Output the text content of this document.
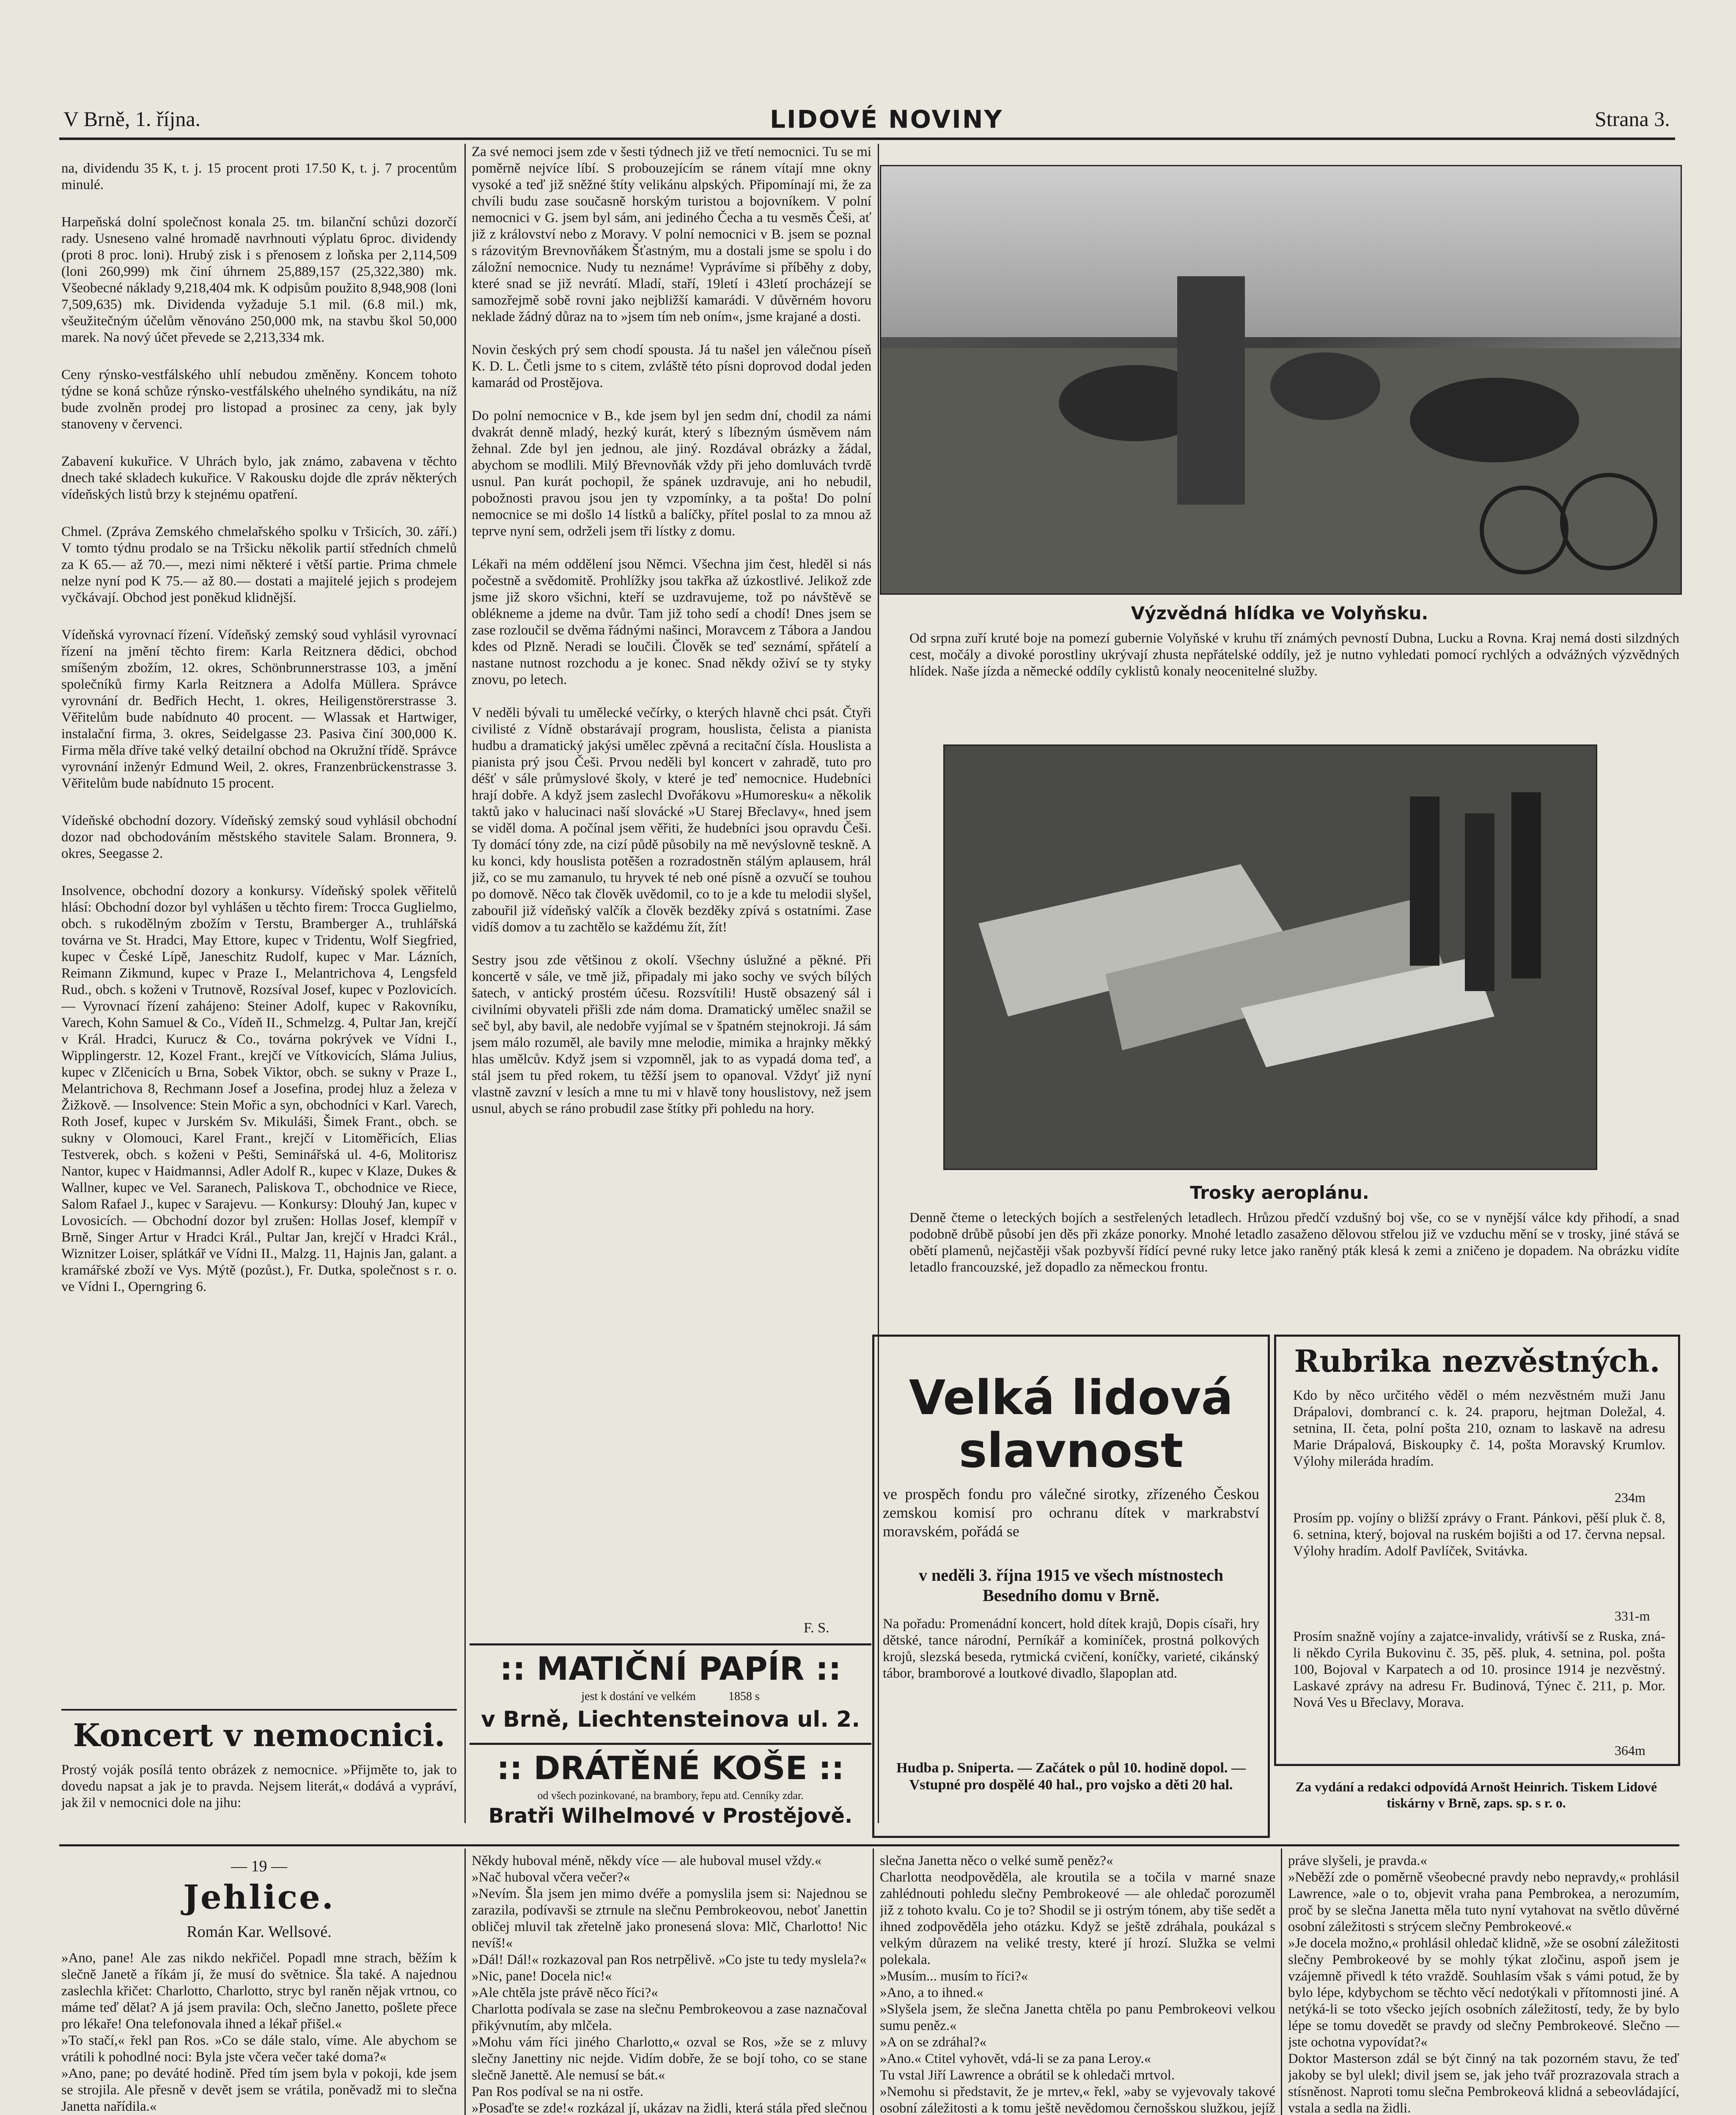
V Brně, 1. října.	LIDOVÉ NOVINY	Strana 3.

na, dividendu 35 K, t. j. 15 procent proti 17.50 K, t. j. 7 procentům minulé.

Harpeňská dolní společnost konala 25. tm. bilanční schůzi dozorčí rady. Usneseno valné hromadě navrhnouti výplatu 6proc. dividendy (proti 8 proc. loni). Hrubý zisk i s přenosem z loňska per 2,114,509 (loni 260,999) mk činí úhrnem 25,889,157 (25,322,380) mk. Všeobecné náklady 9,218,404 mk. K odpisům použito 8,948,908 (loni 7,509,635) mk. Dividenda vyžaduje 5.1 mil. (6.8 mil.) mk, všeužitečným účelům věnováno 250,000 mk, na stavbu škol 50,000 marek. Na nový účet převede se 2,213,334 mk.

Ceny rýnsko-vestfálského uhlí nebudou změněny. Koncem tohoto týdne se koná schůze rýnsko-vestfálského uhelného syndikátu, na níž bude zvolněn prodej pro listopad a prosinec za ceny, jak byly stanoveny v červenci.

Zabavení kukuřice. V Uhrách bylo, jak známo, zabavena v těchto dnech také skladech kukuřice. V Rakousku dojde dle zpráv některých vídeňských listů brzy k stejnému opatření.

Chmel. (Zpráva Zemského chmelařského spolku v Tršicích, 30. září.) V tomto týdnu prodalo se na Tršicku několik partií středních chmelů za K 65.— až 70.—, mezi nimi některé i větší partie. Prima chmele nelze nyní pod K 75.— až 80.— dostati a majitelé jejich s prodejem vyčkávají. Obchod jest poněkud klidnější.

Vídeňská vyrovnací řízení. Vídeňský zemský soud vyhlásil vyrovnací řízení na jmění těchto firem: Karla Reitznera dědici, obchod smíšeným zbožím, 12. okres, Schönbrunnerstrasse 103, a jmění společníků firmy Karla Reitznera a Adolfa Müllera. Správce vyrovnání dr. Bedřich Hecht, 1. okres, Heiligenstörerstrasse 3. Věřitelům bude nabídnuto 40 procent. — Wlassak et Hartwiger, instalační firma, 3. okres, Seidelgasse 23. Pasiva činí 300,000 K. Firma měla dříve také velký detailní obchod na Okružní třídě. Správce vyrovnání inženýr Edmund Weil, 2. okres, Franzenbrückenstrasse 3. Věřitelům bude nabídnuto 15 procent.

Vídeňské obchodní dozory. Vídeňský zemský soud vyhlásil obchodní dozor nad obchodováním městského stavitele Salam. Bronnera, 9. okres, Seegasse 2.

Insolvence, obchodní dozory a konkursy. Vídeňský spolek věřitelů hlásí: Obchodní dozor byl vyhlášen u těchto firem: Trocca Guglielmo, obch. s rukodělným zbožím v Terstu, Bramberger A., truhlářská továrna ve St. Hradci, May Ettore, kupec v Tridentu, Wolf Siegfried, kupec v České Lípě, Janeschitz Rudolf, kupec v Mar. Lázních, Reimann Zikmund, kupec v Praze I., Melantrichova 4, Lengsfeld Rud., obch. s koženi v Trutnově, Rozsíval Josef, kupec v Pozlovicích. — Vyrovnací řízení zahájeno: Steiner Adolf, kupec v Rakovníku, Varech, Kohn Samuel & Co., Vídeň II., Schmelzg. 4, Pultar Jan, krejčí v Král. Hradci, Kurucz & Co., továrna pokrývek ve Vídni I., Wipplingerstr. 12, Kozel Frant., krejčí ve Vítkovicích, Slámа Julius, kupec v Zlčenicích u Brna, Sobek Viktor, obch. se sukny v Praze I., Melantrichova 8, Rechmann Josef a Josefina, prodej hluz a železa v Žižkově. — Insolvence: Stein Mořic a syn, obchodníci v Karl. Varech, Roth Josef, kupec v Jurském Sv. Mikuláši, Šimek Frant., obch. se sukny v Olomouci, Karel Frant., krejčí v Litoměřicích, Elias Testverek, obch. s koženi v Pešti, Seminářská ul. 4-6, Molitorisz Nantor, kupec v Haidmannsi, Adler Adolf R., kupec v Klaze, Dukes & Wallner, kupec ve Vel. Saranech, Paliskova T., obchodnice ve Riece, Salom Rafael J., kupec v Sarajevu. — Konkursy: Dlouhý Jan, kupec v Lovosicích. — Obchodní dozor byl zrušen: Hollas Josef, klempíř v Brně, Singer Artur v Hradci Král., Pultar Jan, krejčí v Hradci Král., Wiznitzer Loiser, splátkář ve Vídni II., Malzg. 11, Hajnis Jan, galant. a kramářské zboží ve Vys. Mýtě (pozůst.), Fr. Dutka, společnost s r. o. ve Vídni I., Operngring 6.

Koncert v nemocnici.
Prostý voják posílá tento obrázek z nemocnice. »Přijměte to, jak to dovedu napsat a jak je to pravda. Nejsem literát,« dodává a vypráví, jak žil v nemocnici dole na jihu:
Za své nemoci jsem zde v šesti týdnech již ve třetí nemocnici. Tu se mi poměrně nejvíce líbí. S probouzejícím se ránem vítají mne okny vysoké a teď již sněžné štíty velikánu alpských. Připomínají mi, že za chvíli budu zase současně horským turistou a bojovníkem. V polní nemocnici v G. jsem byl sám, ani jediného Čecha a tu vesměs Češi, ať již z království nebo z Moravy. V polní nemocnici v B. jsem se poznal s rázovitým Brevnovňákem Šťastným, mu a dostali jsme se spolu i do záložní nemocnice. Nudy tu neznáme! Vyprávíme si příběhy z doby, které snad se již nevrátí. Mladí, staří, 19letí i 43letí procházejí se samozřejmě sobě rovni jako nejbližší kamarádi. V důvěrném hovoru neklade žádný důraz na to »jsem tím neb oním«, jsme krajané a dosti.

Novin českých prý sem chodí spousta. Já tu našel jen válečnou píseň K. D. L. Četli jsme to s citem, zvláště této písni doprovod dodal jeden kamarád od Prostějova.

Do polní nemocnice v B., kde jsem byl jen sedm dní, chodil za námi dvakrát denně mladý, hezký kurát, který s líbezným úsměvem nám žehnal. Zde byl jen jednou, ale jiný. Rozdával obrázky a žádal, abychom se modlili. Milý Břevnovňák vždy při jeho domluvách tvrdě usnul. Pan kurát pochopil, že spánek uzdravuje, ani ho nebudil, pobožnosti pravou jsou jen ty vzpomínky, a ta pošta! Do polní nemocnice se mi došlo 14 lístků a balíčky, přítel poslal to za mnou až teprve nyní sem, održeli jsem tři lístky z domu.

Lékaři na mém oddělení jsou Němci. Všechna jim čest, hleděl si nás počestně a svědomitě. Prohlížky jsou takřka až úzkostlivé. Jelikož zde jsme již skoro všichni, kteří se uzdravujeme, tož po návštěvě se oblékneme a jdeme na dvůr. Tam již toho sedí a chodí! Dnes jsem se zase rozloučil se dvěma řádnými našinci, Moravcem z Tábora a Jandou kdes od Plzně. Neradi se loučili. Člověk se teď seznámí, spřátelí a nastane nutnost rozchodu a je konec. Snad někdy oživí se ty styky znovu, po letech.

V neděli bývali tu umělecké večírky, o kterých hlavně chci psát. Čtyři civilisté z Vídně obstarávají program, houslista, čelista a pianista hudbu a dramatický jakýsi umělec zpěvná a recitační čísla. Houslista a pianista prý jsou Češi. Prvou neděli byl koncert v zahradě, tuto pro déšť v sále průmyslové školy, v které je teď nemocnice. Hudebníci hrají dobře. A když jsem zaslechl Dvořákovu »Humoresku« a několik taktů jako v halucinaci naší slovácké »U Starej Břeclavy«, hned jsem se viděl doma. A počínal jsem věřiti, že hudebníci jsou opravdu Češi. Ty domácí tóny zde, na cizí půdě působily na mě nevýslovně teskně. A ku konci, kdy houslista potěšen a rozradostněn stálým aplausem, hrál již, co se mu zamanulo, tu hryvek té neb oné písně a ozvučí se touhou po domově. Něco tak člověk uvědomil, co to je a kde tu melodii slyšel, zabouřil již vídeňský valčík a člověk bezděky zpívá s ostatními. Zase vidíš domov a tu zachtělo se každému žít, žít!

Sestry jsou zde většinou z okolí. Všechny úslužné a pěkné. Při koncertě v sále, ve tmě již, připadaly mi jako sochy ve svých bílých šatech, v antický prostém účesu. Rozsvítili! Hustě obsazený sál i civilními obyvateli přišli zde nám doma. Dramatický umělec snažil se seč byl, aby bavil, ale nedobře vyjímal se v špatném stejnokroji. Já sám jsem málo rozuměl, ale bavily mne melodie, mimika a hrajnky měkký hlas umělcův. Když jsem si vzpomněl, jak to as vypadá doma teď, a stál jsem tu před rokem, tu těžší jsem to opanoval. Vždyť již nyní vlastně zavzní v lesích a mne tu mi v hlavě tony houslistovy, než jsem usnul, abych se ráno probudil zase štítky při pohledu na hory.
F. S.
:: MATIČNÍ PAPÍR ::
jest k dostání ve velkém           1858 s
v Brně, Liechtensteinova ul. 2.
:: DRÁTĚNÉ KOŠE ::
od všech pozinkované, na brambory, řepu atd. Cenníky zdar.
Bratři Wilhelmové v Prostějově.
Výzvědná hlídka ve Volyňsku.
Od srpna zuří kruté boje na pomezí gubernie Volyňské v kruhu tří známých pevností Dubna, Lucku a Rovna. Kraj nemá dosti silzdných cest, močály a divoké porostliny ukrývají zhusta nepřátelské oddíly, jež je nutno vyhledati pomocí rychlých a odvážných výzvědných hlídek. Naše jízda a německé oddíly cyklistů konaly neocenitelné služby.
Trosky aeroplánu.
Denně čteme o leteckých bojích a sestřelených letadlech. Hrůzou předčí vzdušný boj vše, co se v nynější válce kdy přihodí, a snad podobně drůbě působí jen děs při zkáze ponorky. Mnohé letadlo zasaženo dělovou střelou již ve vzduchu mění se v trosky, jiné stává se obětí plamenů, nejčastěji však pozbyvší řídící pevné ruky letce jako raněný pták klesá k zemi a zničeno je dopadem. Na obrázku vidíte letadlo francouzské, jež dopadlo za německou frontu.
Velká lidová
slavnost
ve prospěch fondu pro válečné sirotky, zřízeného Českou zemskou komisí pro ochranu dítek v markrabství moravském, pořádá se
v neděli 3. října 1915 ve všech místnostech Besedního domu v Brně.
Na pořadu: Promenádní koncert, hold dítek krajů, Dopis císaři, hry dětské, tance národní, Perníkář a kominíček, prostná polkových krojů, slezská beseda, rytmická cvičení, koníčky, varieté, cikánský tábor, bramborové a loutkové divadlo, šlapoplan atd.
Hudba p. Sniperta. — Začátek o půl 10. hodině dopol. — Vstupné pro dospělé 40 hal., pro vojsko a děti 20 hal.
Rubrika nezvěstných.
Kdo by něco určitého věděl o mém nezvěstném muži Janu Drápalovi, dombrancí c. k. 24. praporu, hejtman Doležal, 4. setnina, II. četa, polní pošta 210, oznam to laskavě na adresu Marie Drápalová, Biskoupky č. 14, pošta Moravský Krumlov. Výlohy milerádа hradím.
234m
Prosím pp. vojíny o bližší zprávy o Frant. Pánkovi, pěší pluk č. 8, 6. setnina, který, bojoval na ruském bojišti a od 17. června nepsal. Výlohy hradím. Adolf Pavlíček, Svitávka.
331-m
Prosím snažně vojíny a zajatce-invalidy, vrátivší se z Ruska, zná-li někdo Cyrila Bukovinu č. 35, pěš. pluk, 4. setnina, pol. pošta 100, Bojoval v Karpatech a od 10. prosince 1914 je nezvěstný. Laskavé zprávy na adresu Fr. Budinová, Týnec č. 211, p. Mor. Nová Ves u Břeclavy, Morava.
364m
Za vydání a redakci odpovídá Arnošt Heinrich. Tiskem Lidové tiskárny v Brně, zaps. sp. s r. o.
— 19 —
Jehlice.
Román Kar. Wellsové.
»Ano, pane! Ale zas nikdo nekřičel. Popadl mne strach, běžím k slečně Janetě a říkám jí, že musí do světnice. Šla také. A najednou zaslechla křičet: Charlotto, Charlotto, stryc byl raněn nějak vrtnou, co máme teď dělat? A já jsem pravila: Och, slečno Janetto, pošlete přece pro lékaře! Ona telefonovala ihned a lékař přišel.«
»To stačí,« řekl pan Ros. »Co se dále stalo, víme. Ale abychom se vrátili k pohodlné noci: Byla jste včera večer také doma?«
»Ano, pane; po deváté hodině. Před tím jsem byla v pokoji, kde jsem se strojila. Ale přesně v devět jsem se vrátila, poněvadž mi to slečna Janetta nařídila.«

Někdy huboval méně, někdy více — ale huboval musel vždy.«
»Nač huboval včera večer?«
»Nevím. Šla jsem jen mimo dvéře a pomyslila jsem si: Najednou se zarazila, podívavši se ztrnule na slečnu Pembrokeovou, neboť Janettin obličej mluvil tak zřetelně jako pronesená slova: Mlč, Charlotto! Nic nevíš!«
»Dál! Dál!« rozkazoval pan Ros netrpělivě. »Co jste tu tedy myslela?«
»Nic, pane! Docela nic!«
»Ale chtěla jste právě něco říci?«
Charlotta podívala se zase na slečnu Pembrokeovou a zase naznačoval přikývnutím, aby mlčela.
»Mohu vám říci jiného Charlotto,« ozval se Ros, »že se z mluvy slečny Janettiny nic nejde. Vidím dobře, že se bojí toho, co se stane slečně Janettě. Ale nemusí se bát.«
Pan Ros podíval se na ni ostře.
»Posaďte se zde!« rozkázal jí, ukázav na židli, která stála před slečnou

slečna Janetta něco o velké sumě peněz?«
Charlotta neodpověděla, ale kroutila se a točila v marné snaze zahlédnouti pohledu slečny Pembrokeové — ale ohledač porozuměl již z tohoto kvalu. Co je to? Shodil se ji ostrým tónem, aby tiše sedět a ihned zodpověděla jeho otázku. Když se ještě zdráhala, poukázal s velkým důrazem na veliké tresty, které jí hrozí. Služka se velmi polekala.
»Musím... musím to říci?«
»Ano, a to ihned.«
»Slyšela jsem, že slečna Janetta chtěla po panu Pembrokeovi velkou sumu peněz.«
»A on se zdráhal?«
»Ano.« Ctitel vyhovět, vdá-li se za pana Leroy.«
Tu vstal Jiří Lawrence a obrátil se k ohledači mrtvol.
»Nemohu si představit, že je mrtev,« řekl, »aby se vyjevovaly takové osobní záležitosti a k tomu ještě nevědomou černošskou služkou, jejíž

práve slyšeli, je pravda.«
»Neběží zde o poměrně všeobecné pravdy nebo nepravdy,« prohlásil Lawrence, »ale o to, objevit vraha pana Pembrokea, a nerozumím, proč by se slečna Janetta měla tuto nyní vytahovat na světlo důvěrné osobní záležitosti s strýcem slečny Pembrokeové.«
»Je docela možno,« prohlásil ohledač klidně, »že se osobní záležitosti slečny Pembrokeové by se mohly týkat zločinu, aspoň jsem je vzájemně přivedl k této vraždě. Souhlasím však s vámi potud, že by bylo lépe, kdybychom se těchto věcí nedotýkali v přítomnosti jiné. A netýká-li se toto všecko jejích osobních záležitostí, tedy, že by bylo lépe se tomu dovedět se pravdy od slečny Pembrokeové. Slečno — jste ochotna vypovídat?«
Doktor Masterson zdál se být činný na tak pozorném stavu, že teď jakoby se byl ulekl; divil jsem se, jak jeho tvář prozrazovala strach a stísněnost. Naproti tomu slečna Pembrokeová klidná a sebeovládající, vstala a sedla na židli.
